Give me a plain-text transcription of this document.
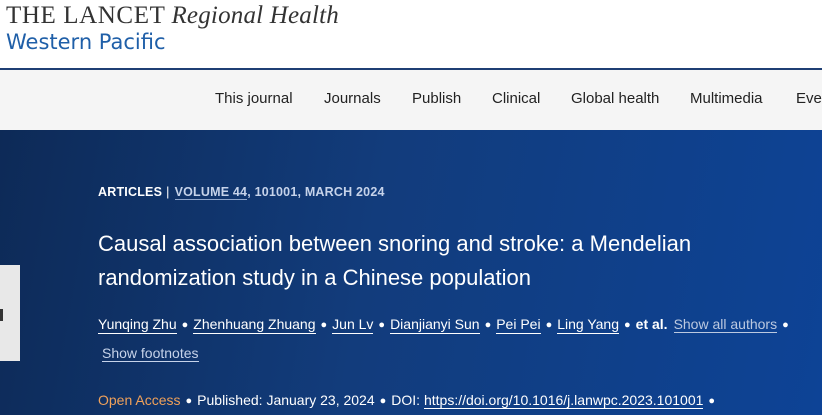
THE LANCET Regional Health
Western Pacific
This journal Journals Publish Clinical Global health Multimedia Eve
ARTICLES | VOLUME 44, 101001, MARCH 2024
Causal association between snoring and stroke: a Mendelian randomization study in a Chinese population
Yunqing Zhu ● Zhenhuang Zhuang ● Jun Lv ● Dianjianyi Sun ● Pei Pei ● Ling Yang ● et al. Show all authors ●
Show footnotes
Open Access ● Published: January 23, 2024 ● DOI: https://doi.org/10.1016/j.lanwpc.2023.101001 ●
